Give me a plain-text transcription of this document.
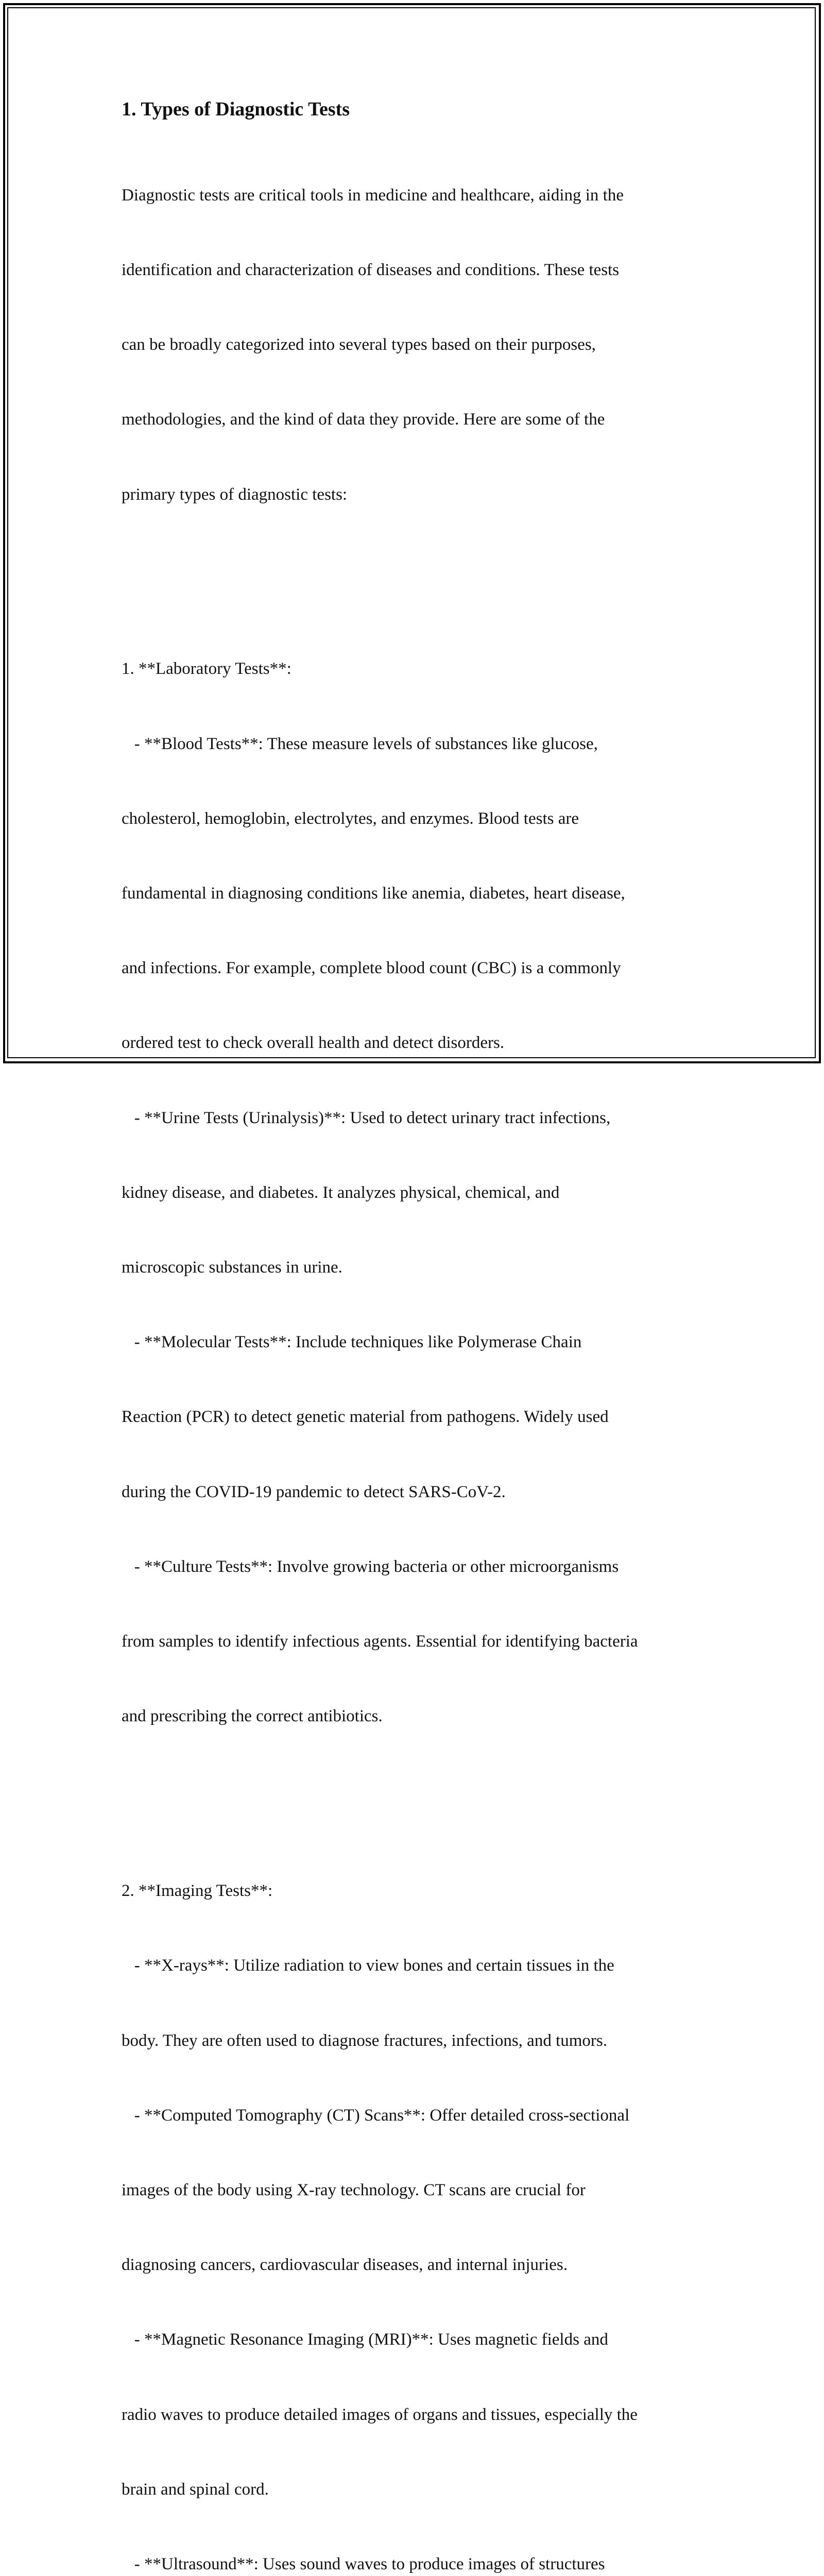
1. Types of Diagnostic Tests

Diagnostic tests are critical tools in medicine and healthcare, aiding in the

identification and characterization of diseases and conditions. These tests

can be broadly categorized into several types based on their purposes,

methodologies, and the kind of data they provide. Here are some of the

primary types of diagnostic tests:

1. **Laboratory Tests**:

- **Blood Tests**: These measure levels of substances like glucose,

cholesterol, hemoglobin, electrolytes, and enzymes. Blood tests are

fundamental in diagnosing conditions like anemia, diabetes, heart disease,

and infections. For example, complete blood count (CBC) is a commonly

ordered test to check overall health and detect disorders.

- **Urine Tests (Urinalysis)**: Used to detect urinary tract infections,

kidney disease, and diabetes. It analyzes physical, chemical, and

microscopic substances in urine.

- **Molecular Tests**: Include techniques like Polymerase Chain

Reaction (PCR) to detect genetic material from pathogens. Widely used

during the COVID-19 pandemic to detect SARS-CoV-2.

- **Culture Tests**: Involve growing bacteria or other microorganisms

from samples to identify infectious agents. Essential for identifying bacteria

and prescribing the correct antibiotics.

2. **Imaging Tests**:

- **X-rays**: Utilize radiation to view bones and certain tissues in the

body. They are often used to diagnose fractures, infections, and tumors.

- **Computed Tomography (CT) Scans**: Offer detailed cross-sectional

images of the body using X-ray technology. CT scans are crucial for

diagnosing cancers, cardiovascular diseases, and internal injuries.

- **Magnetic Resonance Imaging (MRI)**: Uses magnetic fields and

radio waves to produce detailed images of organs and tissues, especially the

brain and spinal cord.

- **Ultrasound**: Uses sound waves to produce images of structures
